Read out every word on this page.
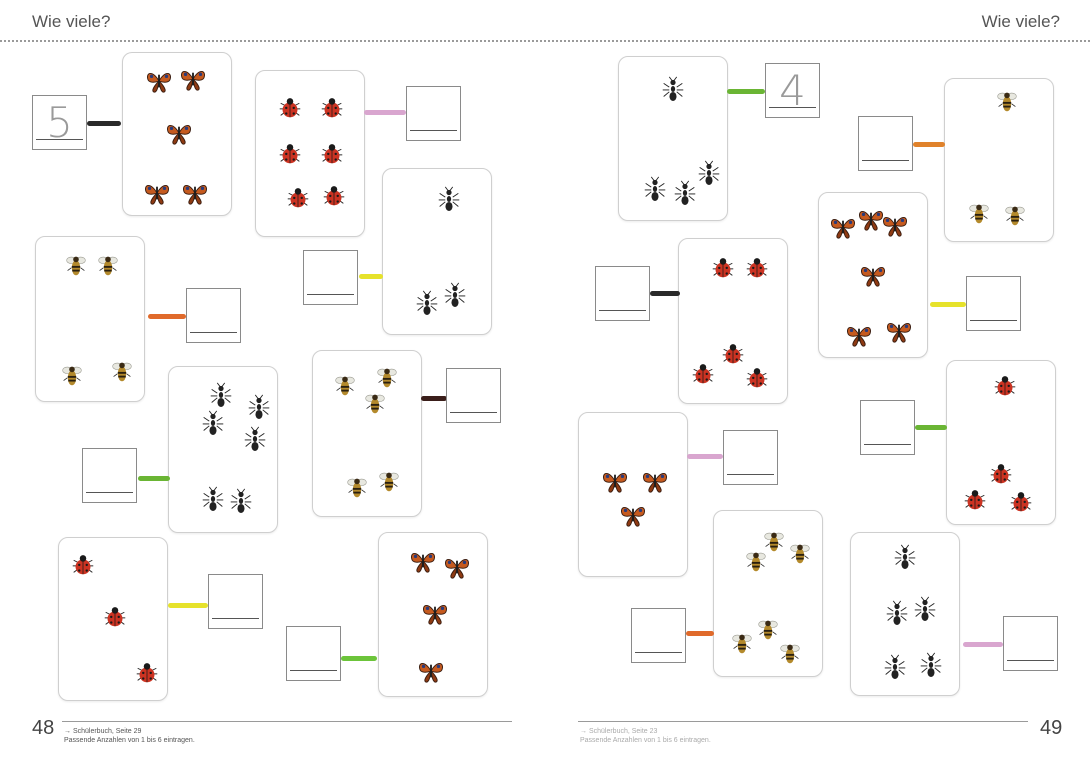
Wie viele?	Wie viele?
5
48 → Schülerbuch, Seite 29
Passende Anzahlen von 1 bis 6 eintragen.
4
49
→ Schülerbuch, Seite 23
Passende Anzahlen von 1 bis 6 eintragen.
